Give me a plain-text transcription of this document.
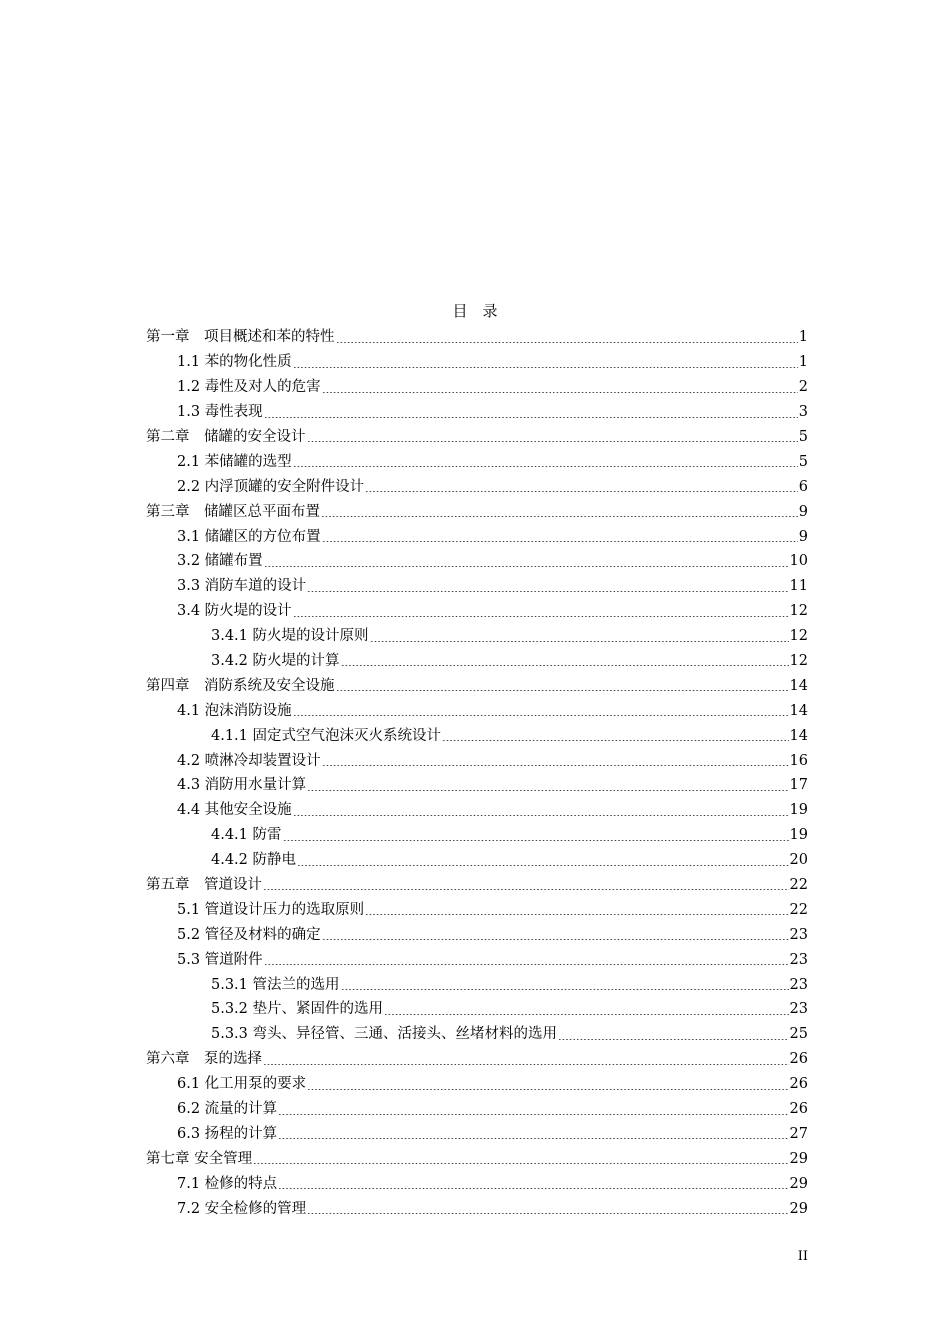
目　录
第一章　项目概述和苯的特性	1
1.1 苯的物化性质	1
1.2 毒性及对人的危害	2
1.3 毒性表现	3
第二章　储罐的安全设计	5
2.1 苯储罐的选型	5
2.2 内浮顶罐的安全附件设计	6
第三章　储罐区总平面布置	9
3.1 储罐区的方位布置	9
3.2 储罐布置	10
3.3 消防车道的设计	11
3.4 防火堤的设计	12
3.4.1 防火堤的设计原则	12
3.4.2 防火堤的计算	12
第四章　消防系统及安全设施	14
4.1 泡沫消防设施	14
4.1.1 固定式空气泡沫灭火系统设计	14
4.2 喷淋冷却装置设计	16
4.3 消防用水量计算	17
4.4 其他安全设施	19
4.4.1 防雷	19
4.4.2 防静电	20
第五章　管道设计	22
5.1 管道设计压力的选取原则	22
5.2 管径及材料的确定	23
5.3 管道附件	23
5.3.1 管法兰的选用	23
5.3.2 垫片、紧固件的选用	23
5.3.3 弯头、异径管、三通、活接头、丝堵材料的选用	25
第六章　泵的选择	26
6.1 化工用泵的要求	26
6.2 流量的计算	26
6.3 扬程的计算	27
第七章 安全管理	29
7.1 检修的特点	29
7.2 安全检修的管理	29
II
